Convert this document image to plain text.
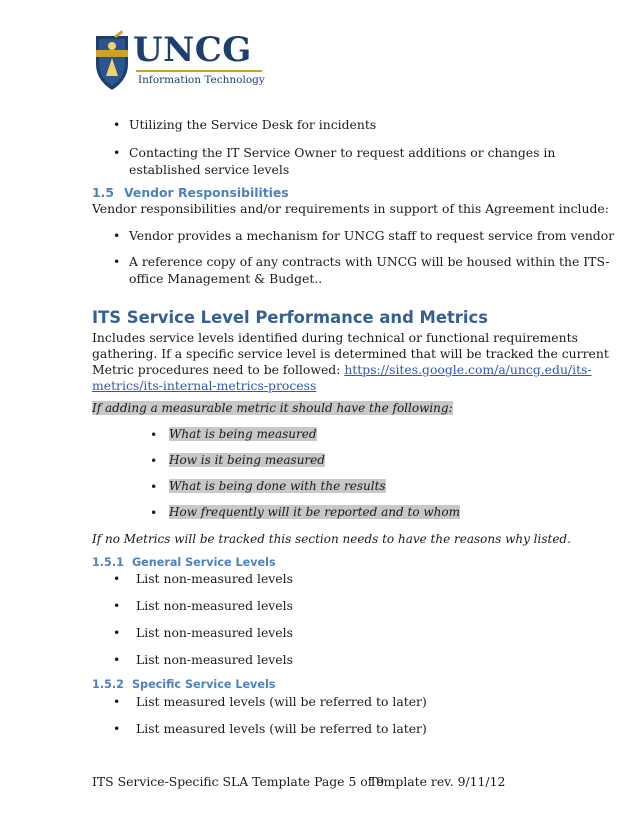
UNCG
Information Technology
• Utilizing the Service Desk for incidents
• Contacting the IT Service Owner to request additions or changes in
established service levels
1.5 Vendor Responsibilities
Vendor responsibilities and/or requirements in support of this Agreement include:
• Vendor provides a mechanism for UNCG staff to request service from vendor
• A reference copy of any contracts with UNCG will be housed within the ITS-
office Management & Budget..
ITS Service Level Performance and Metrics
Includes service levels identified during technical or functional requirements
gathering. If a specific service level is determined that will be tracked the current
Metric procedures need to be followed: https://sites.google.com/a/uncg.edu/its-
metrics/its-internal-metrics-process
If adding a measurable metric it should have the following:
• What is being measured
• How is it being measured
• What is being done with the results
• How frequently will it be reported and to whom
If no Metrics will be tracked this section needs to have the reasons why listed.
1.5.1 General Service Levels
• List non-measured levels
• List non-measured levels
• List non-measured levels
• List non-measured levels
1.5.2 Specific Service Levels
• List measured levels (will be referred to later)
• List measured levels (will be referred to later)
ITS Service-Specific SLA Template Page 5 of 9
Template rev. 9/11/12
